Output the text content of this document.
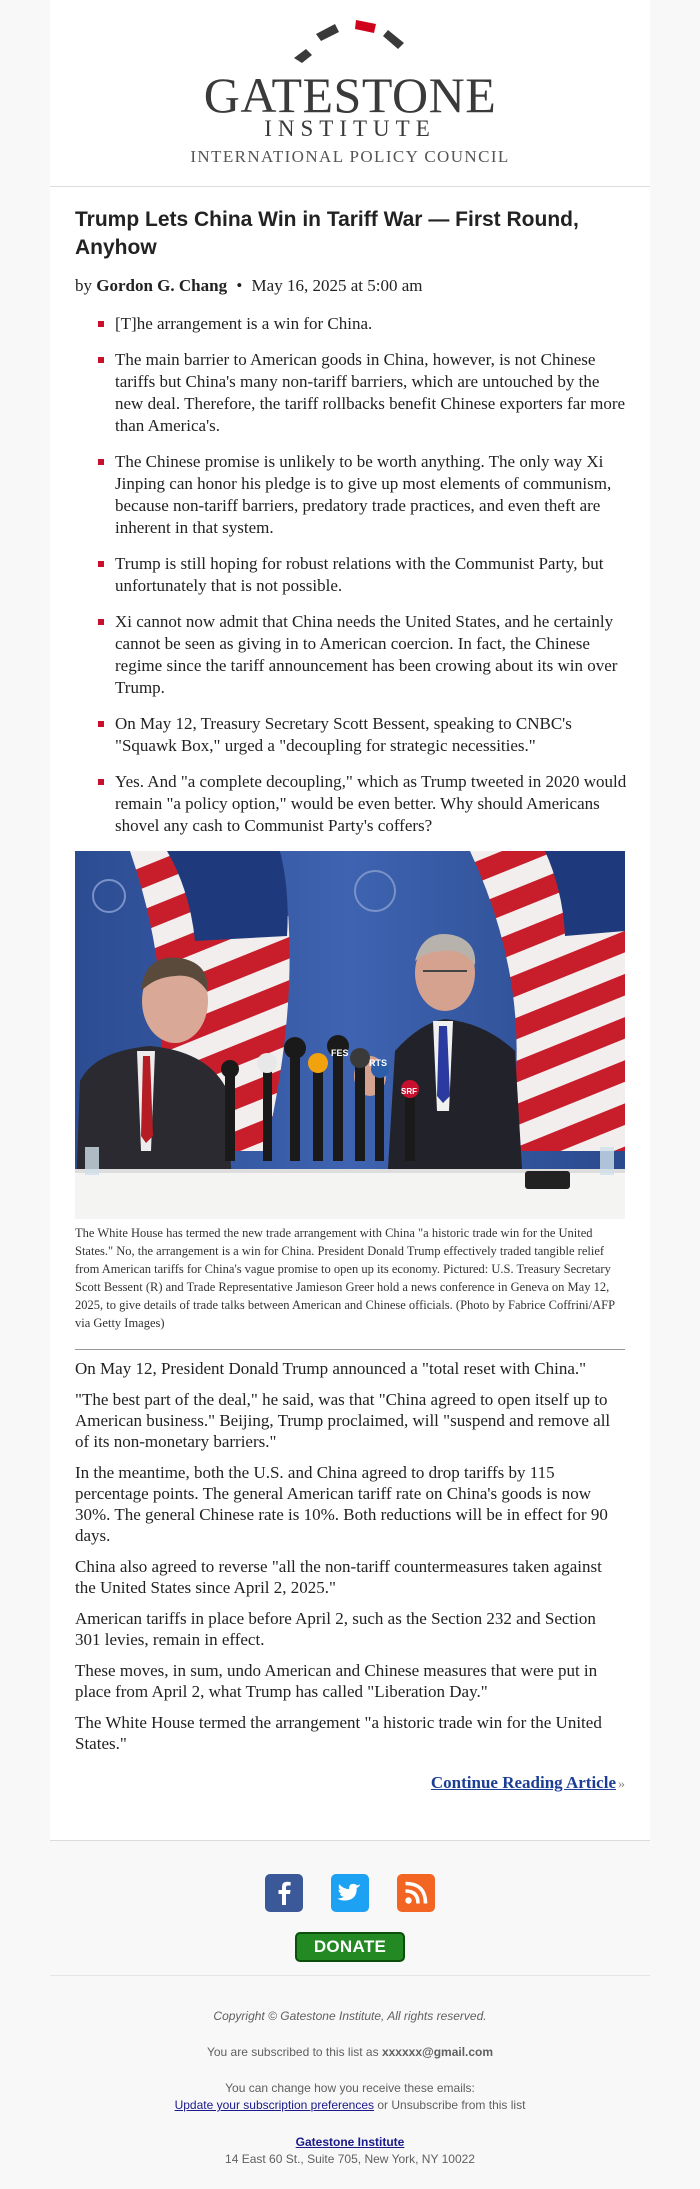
GATESTONE
INSTITUTE
INTERNATIONAL POLICY COUNCIL
Trump Lets China Win in Tariff War — First Round, Anyhow
by Gordon G. Chang • May 16, 2025 at 5:00 am
[T]he arrangement is a win for China.
The main barrier to American goods in China, however, is not Chinese tariffs but China's many non-tariff barriers, which are untouched by the new deal. Therefore, the tariff rollbacks benefit Chinese exporters far more than America's.
The Chinese promise is unlikely to be worth anything. The only way Xi Jinping can honor his pledge is to give up most elements of communism, because non-tariff barriers, predatory trade practices, and even theft are inherent in that system.
Trump is still hoping for robust relations with the Communist Party, but unfortunately that is not possible.
Xi cannot now admit that China needs the United States, and he certainly cannot be seen as giving in to American coercion. In fact, the Chinese regime since the tariff announcement has been crowing about its win over Trump.
On May 12, Treasury Secretary Scott Bessent, speaking to CNBC's "Squawk Box," urged a "decoupling for strategic necessities."
Yes. And "a complete decoupling," which as Trump tweeted in 2020 would remain "a policy option," would be even better. Why should Americans shovel any cash to Communist Party's coffers?
FES
RTS
SRF
The White House has termed the new trade arrangement with China "a historic trade win for the United States." No, the arrangement is a win for China. President Donald Trump effectively traded tangible relief from American tariffs for China's vague promise to open up its economy. Pictured: U.S. Treasury Secretary Scott Bessent (R) and Trade Representative Jamieson Greer hold a news conference in Geneva on May 12, 2025, to give details of trade talks between American and Chinese officials. (Photo by Fabrice Coffrini/AFP via Getty Images)

On May 12, President Donald Trump announced a "total reset with China."

"The best part of the deal," he said, was that "China agreed to open itself up to American business." Beijing, Trump proclaimed, will "suspend and remove all of its non-monetary barriers."

In the meantime, both the U.S. and China agreed to drop tariffs by 115 percentage points. The general American tariff rate on China's goods is now 30%. The general Chinese rate is 10%. Both reductions will be in effect for 90 days.

China also agreed to reverse "all the non-tariff countermeasures taken against the United States since April 2, 2025."

American tariffs in place before April 2, such as the Section 232 and Section 301 levies, remain in effect.

These moves, in sum, undo American and Chinese measures that were put in place from April 2, what Trump has called "Liberation Day."

The White House termed the arrangement "a historic trade win for the United States."

Continue Reading Article »
DONATE
Copyright © Gatestone Institute, All rights reserved.
You are subscribed to this list as xxxxxx@gmail.com
You can change how you receive these emails:
Update your subscription preferences or Unsubscribe from this list
Gatestone Institute
14 East 60 St., Suite 705, New York, NY 10022
